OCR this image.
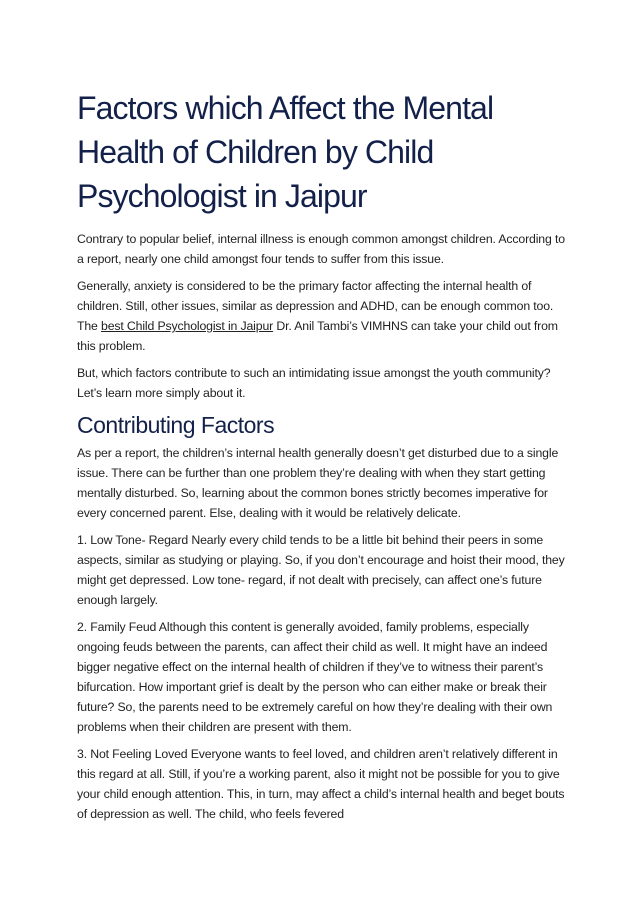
Factors which Affect the Mental Health of Children by Child Psychologist in Jaipur

Contrary to popular belief, internal illness is enough common amongst children. According to a report, nearly one child amongst four tends to suffer from this issue.

Generally, anxiety is considered to be the primary factor affecting the internal health of children. Still, other issues, similar as depression and ADHD, can be enough common too. The best Child Psychologist in Jaipur Dr. Anil Tambi’s VIMHNS can take your child out from this problem.

But, which factors contribute to such an intimidating issue amongst the youth community? Let’s learn more simply about it.

Contributing Factors

As per a report, the children’s internal health generally doesn’t get disturbed due to a single issue. There can be further than one problem they’re dealing with when they start getting mentally disturbed. So, learning about the common bones strictly becomes imperative for every concerned parent. Else, dealing with it would be relatively delicate.

1. Low Tone- Regard Nearly every child tends to be a little bit behind their peers in some aspects, similar as studying or playing. So, if you don’t encourage and hoist their mood, they might get depressed. Low tone- regard, if not dealt with precisely, can affect one’s future enough largely.

2. Family Feud Although this content is generally avoided, family problems, especially ongoing feuds between the parents, can affect their child as well. It might have an indeed bigger negative effect on the internal health of children if they’ve to witness their parent’s bifurcation. How important grief is dealt by the person who can either make or break their future? So, the parents need to be extremely careful on how they’re dealing with their own problems when their children are present with them.

3. Not Feeling Loved Everyone wants to feel loved, and children aren’t relatively different in this regard at all. Still, if you’re a working parent, also it might not be possible for you to give your child enough attention. This, in turn, may affect a child’s internal health and beget bouts of depression as well. The child, who feels fevered
